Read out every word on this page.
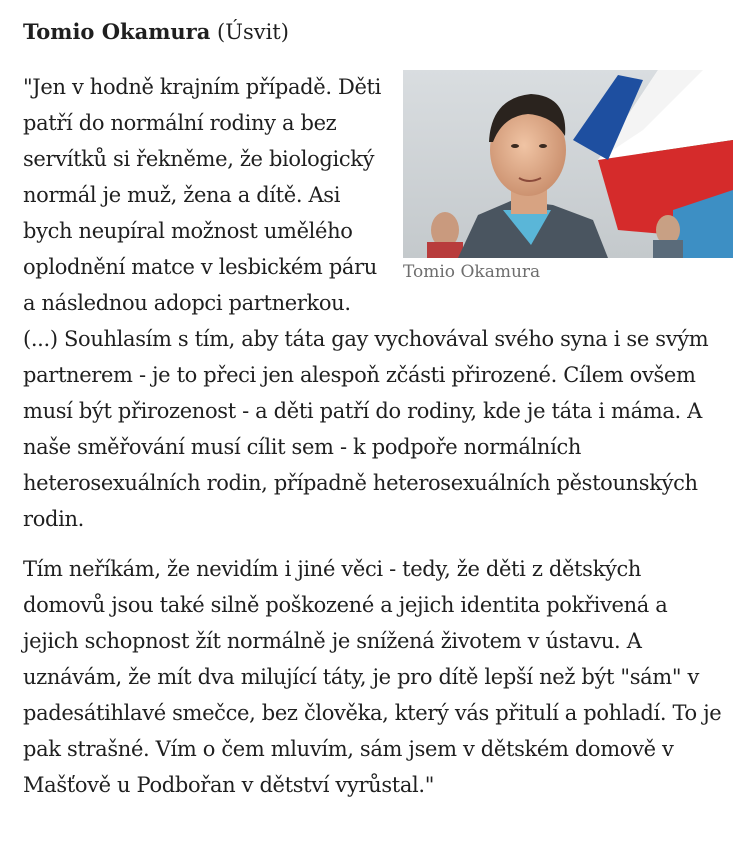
Tomio Okamura (Úsvit)
Tomio Okamura

"Jen v hodně krajním případě. Děti patří do normální rodiny a bez servítků si řekněme, že biologický normál je muž, žena a dítě. Asi bych neupíral možnost umělého oplodnění matce v lesbickém páru a následnou adopci partnerkou. (...) Souhlasím s tím, aby táta gay vychovával svého syna i se svým partnerem - je to přeci jen alespoň zčásti přirozené. Cílem ovšem musí být přirozenost - a děti patří do rodiny, kde je táta i máma. A naše směřování musí cílit sem - k podpoře normálních heterosexuálních rodin, případně heterosexuálních pěstounských rodin.

Tím neříkám, že nevidím i jiné věci - tedy, že děti z dětských domovů jsou také silně poškozené a jejich identita pokřivená a jejich schopnost žít normálně je snížená životem v ústavu. A uznávám, že mít dva milující táty, je pro dítě lepší než být "sám" v padesátihlavé smečce, bez člověka, který vás přitulí a pohladí. To je pak strašné. Vím o čem mluvím, sám jsem v dětském domově v Mašťově u Podbořan v dětství vyrůstal."
